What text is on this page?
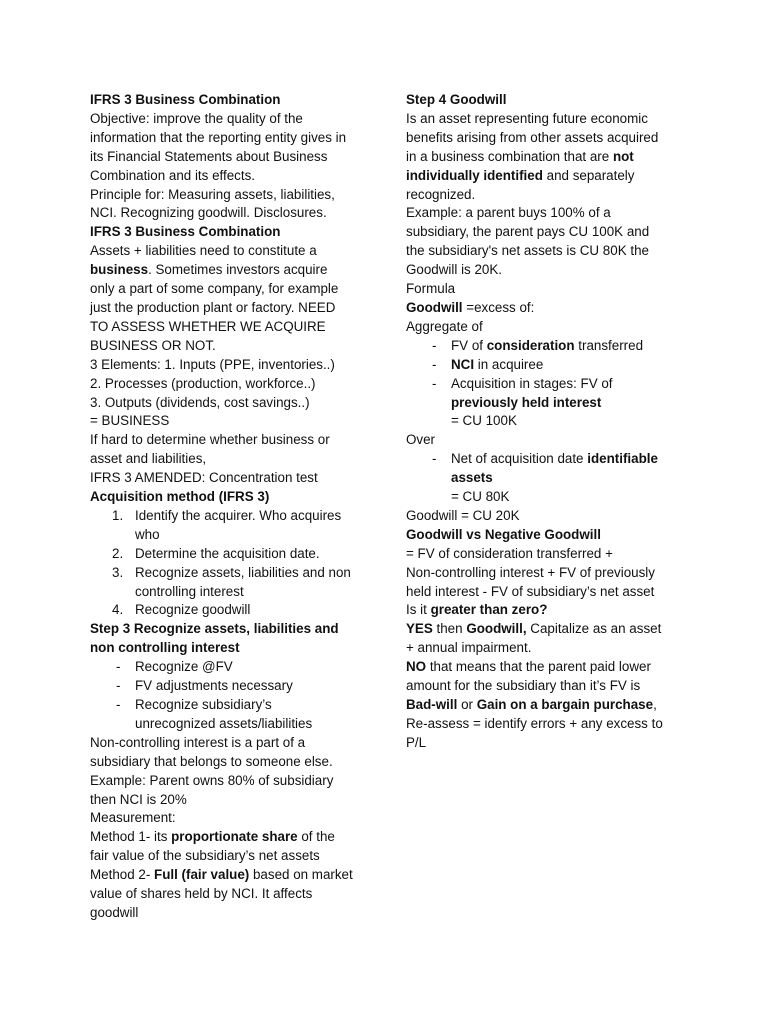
IFRS 3 Business Combination
Objective: improve the quality of the
information that the reporting entity gives in
its Financial Statements about Business
Combination and its effects.
Principle for: Measuring assets, liabilities,
NCI. Recognizing goodwill. Disclosures.
IFRS 3 Business Combination
Assets + liabilities need to constitute a
business. Sometimes investors acquire
only a part of some company, for example
just the production plant or factory. NEED
TO ASSESS WHETHER WE ACQUIRE
BUSINESS OR NOT.
3 Elements: 1. Inputs (PPE, inventories..)
2. Processes (production, workforce..)
3. Outputs (dividends, cost savings..)
= BUSINESS
If hard to determine whether business or
asset and liabilities,
IFRS 3 AMENDED: Concentration test
Acquisition method (IFRS 3)
1. Identify the acquirer. Who acquires
who
2. Determine the acquisition date.
3. Recognize assets, liabilities and non
controlling interest
4. Recognize goodwill
Step 3 Recognize assets, liabilities and
non controlling interest
- Recognize @FV
- FV adjustments necessary
- Recognize subsidiary’s
unrecognized assets/liabilities
Non-controlling interest is a part of a
subsidiary that belongs to someone else.
Example: Parent owns 80% of subsidiary
then NCI is 20%
Measurement:
Method 1- its proportionate share of the
fair value of the subsidiary’s net assets
Method 2- Full (fair value) based on market
value of shares held by NCI. It affects
goodwill
Step 4 Goodwill
Is an asset representing future economic
benefits arising from other assets acquired
in a business combination that are not
individually identified and separately
recognized.
Example: a parent buys 100% of a
subsidiary, the parent pays CU 100K and
the subsidiary's net assets is CU 80K the
Goodwill is 20K.
Formula
Goodwill =excess of:
Aggregate of
- FV of consideration transferred
- NCI in acquiree
- Acquisition in stages: FV of
previously held interest
= CU 100K
Over
- Net of acquisition date identifiable
assets
= CU 80K
Goodwill = CU 20K
Goodwill vs Negative Goodwill
= FV of consideration transferred +
Non-controlling interest + FV of previously
held interest - FV of subsidiary’s net asset
Is it greater than zero?
YES then Goodwill, Capitalize as an asset
+ annual impairment.
NO that means that the parent paid lower
amount for the subsidiary than it’s FV is
Bad-will or Gain on a bargain purchase,
Re-assess = identify errors + any excess to
P/L
